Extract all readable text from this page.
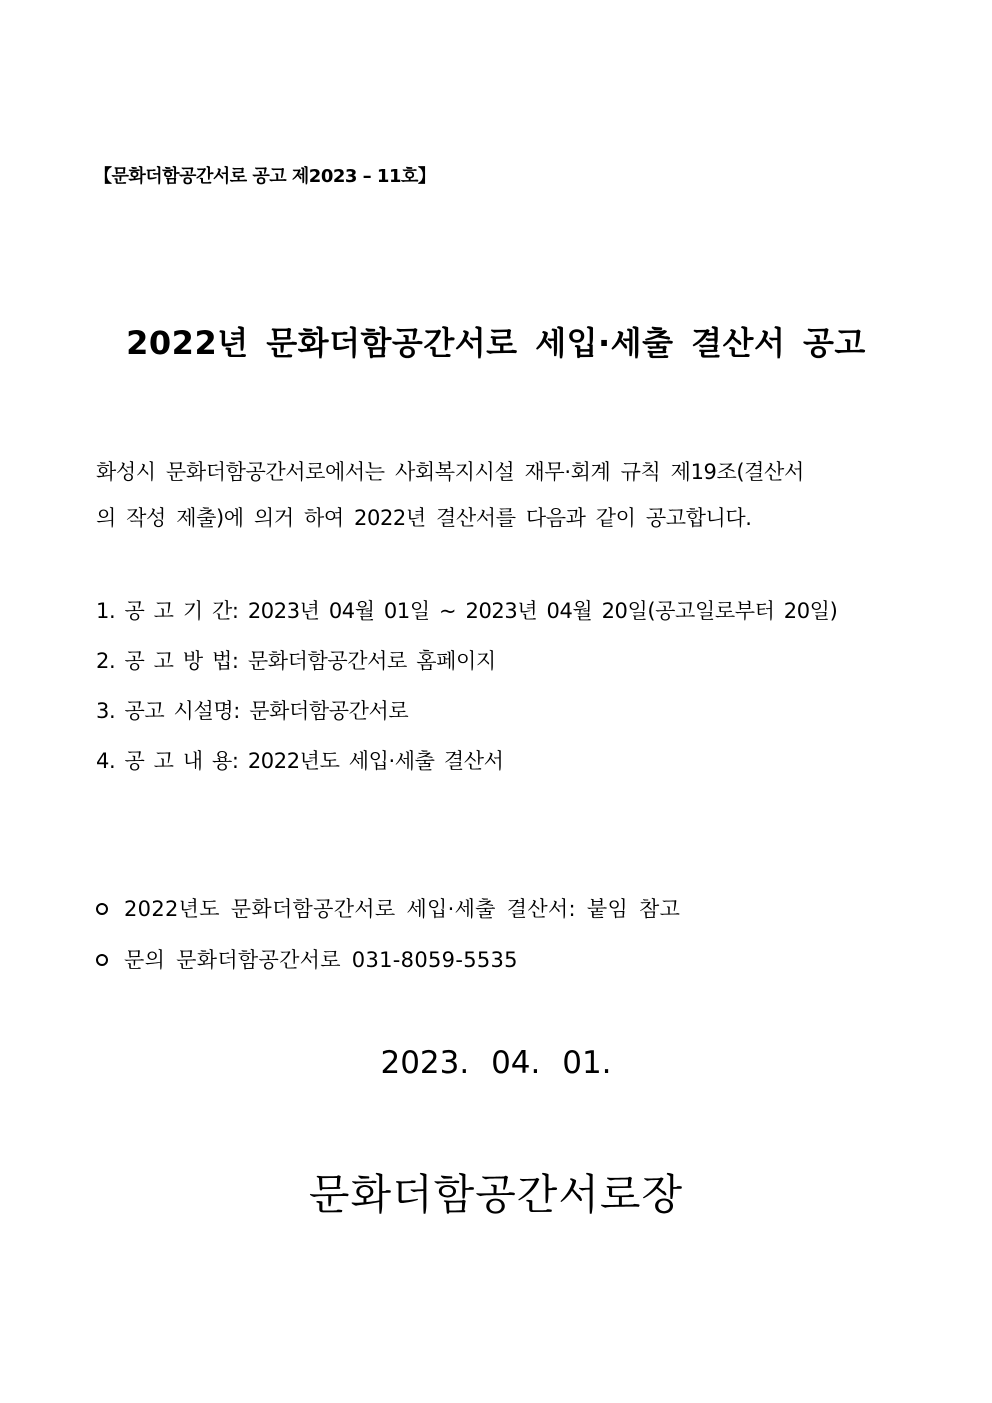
【문화더함공간서로 공고 제2023 – 11호】
2022년 문화더함공간서로 세입·세출 결산서 공고
화성시 문화더함공간서로에서는 사회복지시설 재무·회계 규칙 제19조(결산서
의 작성 제출)에 의거 하여 2022년 결산서를 다음과 같이 공고합니다.
1. 공 고 기 간: 2023년 04월 01일 ~ 2023년 04월 20일(공고일로부터 20일)
2. 공 고 방 법: 문화더함공간서로 홈페이지
3. 공고 시설명: 문화더함공간서로
4. 공 고 내 용: 2022년도 세입·세출 결산서
2022년도 문화더함공간서로 세입·세출 결산서: 붙임 참고
문의 문화더함공간서로 031-8059-5535
2023. 04. 01.
문화더함공간서로장
